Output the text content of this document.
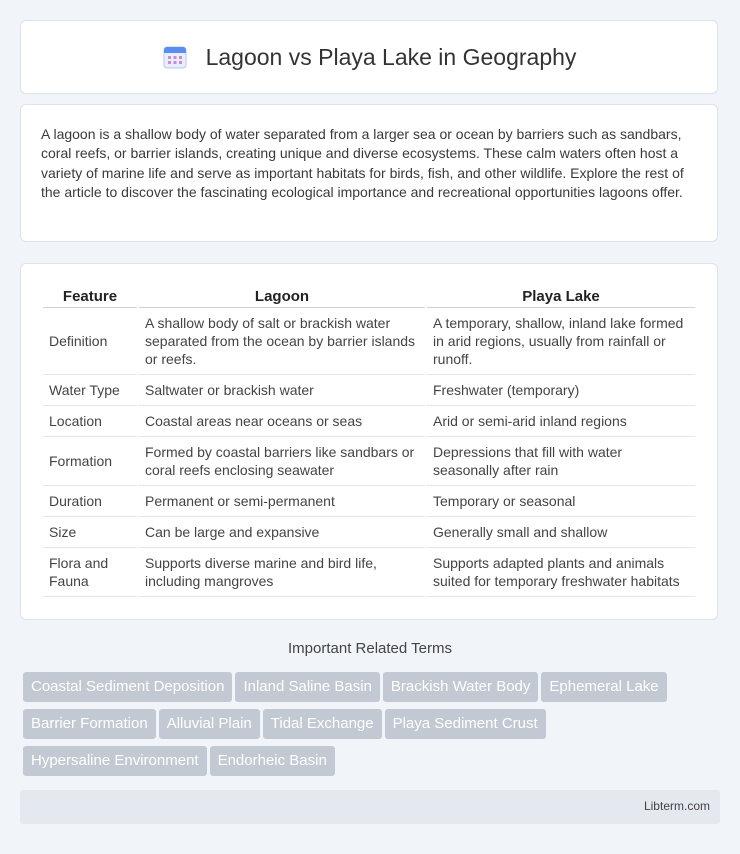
Lagoon vs Playa Lake in Geography

A lagoon is a shallow body of water separated from a larger sea or ocean by barriers such as sandbars, coral reefs, or barrier islands, creating unique and diverse ecosystems. These calm waters often host a variety of marine life and serve as important habitats for birds, fish, and other wildlife. Explore the rest of the article to discover the fascinating ecological importance and recreational opportunities lagoons offer.

Feature	Lagoon	Playa Lake
Definition	A shallow body of salt or brackish water separated from the ocean by barrier islands or reefs.	A temporary, shallow, inland lake formed in arid regions, usually from rainfall or runoff.
Water Type	Saltwater or brackish water	Freshwater (temporary)
Location	Coastal areas near oceans or seas	Arid or semi-arid inland regions
Formation	Formed by coastal barriers like sandbars or coral reefs enclosing seawater	Depressions that fill with water seasonally after rain
Duration	Permanent or semi-permanent	Temporary or seasonal
Size	Can be large and expansive	Generally small and shallow
Flora and Fauna	Supports diverse marine and bird life, including mangroves	Supports adapted plants and animals suited for temporary freshwater habitats
Important Related Terms
Coastal Sediment Deposition Inland Saline Basin Brackish Water Body Ephemeral LakeBarrier Formation Alluvial Plain Tidal Exchange Playa Sediment CrustHypersaline Environment Endorheic Basin
Libterm.com
